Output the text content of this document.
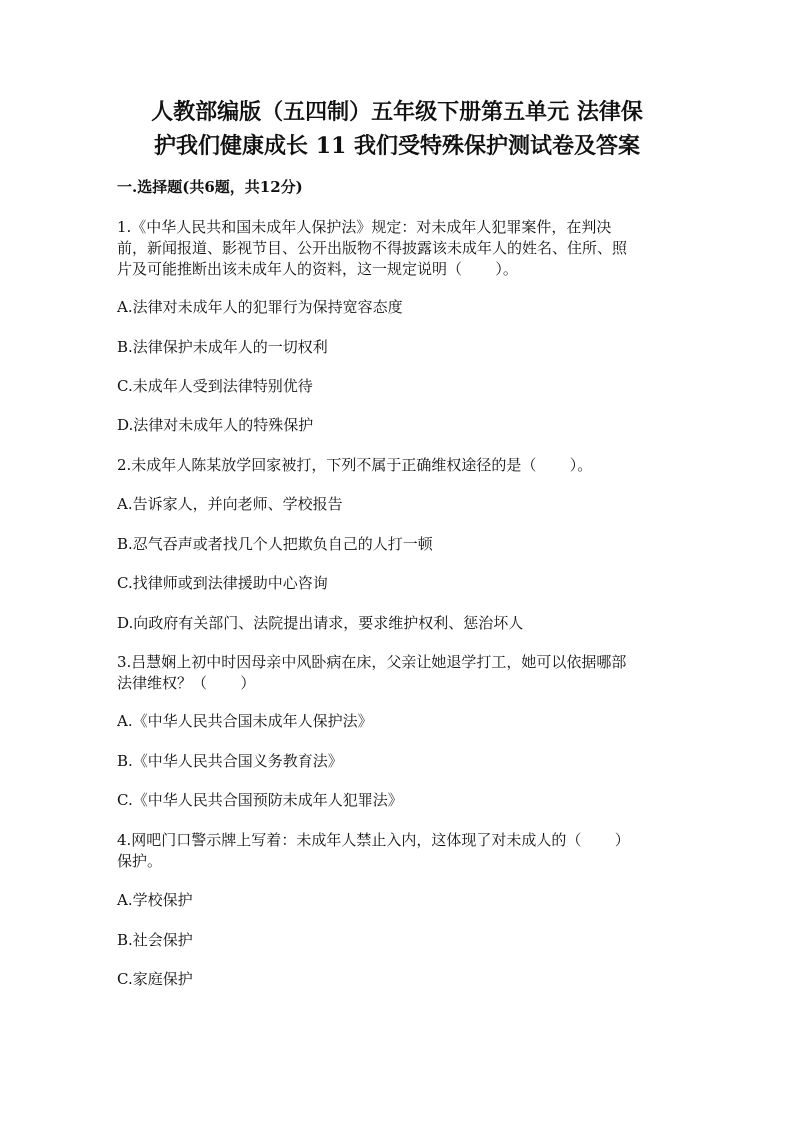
人教部编版（五四制）五年级下册第五单元 法律保
护我们健康成长 11 我们受特殊保护测试卷及答案
一.选择题(共6题，共12分)
1.《中华人民共和国未成年人保护法》规定：对未成年人犯罪案件，在判决
前，新闻报道、影视节目、公开出版物不得披露该未成年人的姓名、住所、照
片及可能推断出该未成年人的资料，这一规定说明（       ）。
A.法律对未成年人的犯罪行为保持宽容态度
B.法律保护未成年人的一切权利
C.未成年人受到法律特别优待
D.法律对未成年人的特殊保护
2.未成年人陈某放学回家被打，下列不属于正确维权途径的是（       ）。
A.告诉家人，并向老师、学校报告
B.忍气吞声或者找几个人把欺负自己的人打一顿
C.找律师或到法律援助中心咨询
D.向政府有关部门、法院提出请求，要求维护权利、惩治坏人
3.吕慧娴上初中时因母亲中风卧病在床，父亲让她退学打工，她可以依据哪部
法律维权？（       ）
A.《中华人民共合国未成年人保护法》
B.《中华人民共合国义务教育法》
C.《中华人民共合国预防未成年人犯罪法》
4.网吧门口警示牌上写着：未成年人禁止入内，这体现了对未成人的（       ）
保护。
A.学校保护
B.社会保护
C.家庭保护
